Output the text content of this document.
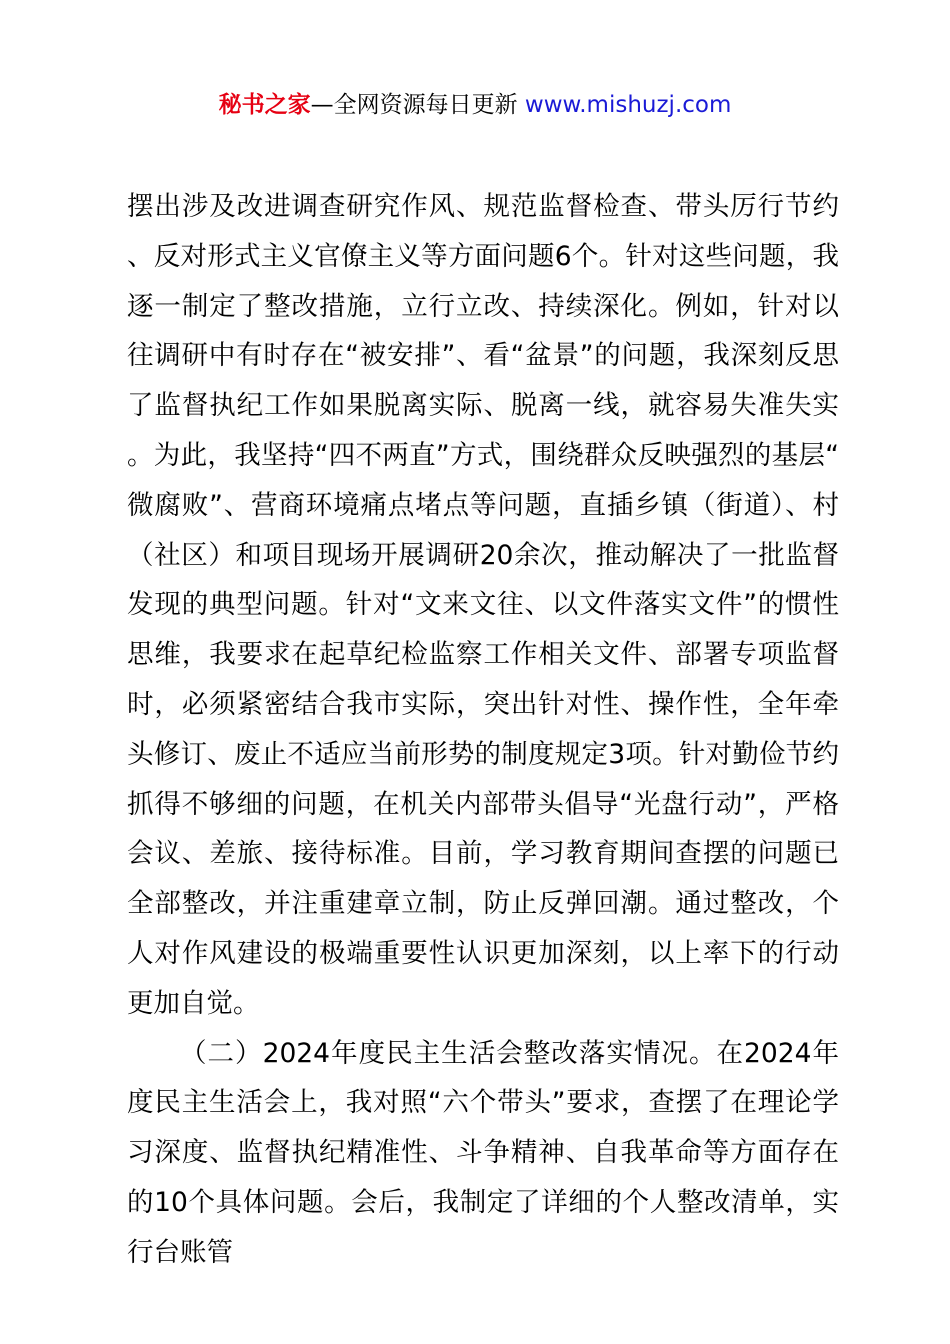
秘书之家—全网资源每日更新 www.mishuzj.com

摆出涉及改进调查研究作风、规范监督检查、带头厉行节约、反对形式主义官僚主义等方面问题6个。针对这些问题，我逐一制定了整改措施，立行立改、持续深化。例如，针对以往调研中有时存在“被安排”、看“盆景”的问题，我深刻反思了监督执纪工作如果脱离实际、脱离一线，就容易失准失实。为此，我坚持“四不两直”方式，围绕群众反映强烈的基层“微腐败”、营商环境痛点堵点等问题，直插乡镇（街道）、村（社区）和项目现场开展调研20余次，推动解决了一批监督发现的典型问题。针对“文来文往、以文件落实文件”的惯性思维，我要求在起草纪检监察工作相关文件、部署专项监督时，必须紧密结合我市实际，突出针对性、操作性，全年牵头修订、废止不适应当前形势的制度规定3项。针对勤俭节约抓得不够细的问题，在机关内部带头倡导“光盘行动”，严格会议、差旅、接待标准。目前，学习教育期间查摆的问题已全部整改，并注重建章立制，防止反弹回潮。通过整改，个人对作风建设的极端重要性认识更加深刻，以上率下的行动更加自觉。

（二）2024年度民主生活会整改落实情况。在2024年度民主生活会上，我对照“六个带头”要求，查摆了在理论学习深度、监督执纪精准性、斗争精神、自我革命等方面存在的10个具体问题。会后，我制定了详细的个人整改清单，实行台账管
